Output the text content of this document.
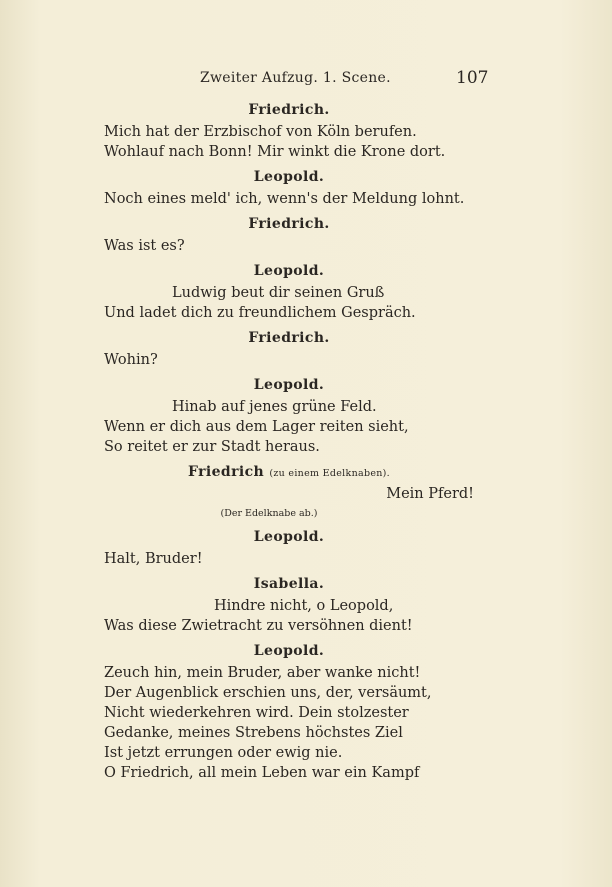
Zweiter Aufzug. 1. Scene.	107
Friedrich.
Mich hat der Erzbischof von Köln berufen.
Wohlauf nach Bonn! Mir winkt die Krone dort.
Leopold.
Noch eines meld' ich, wenn's der Meldung lohnt.
Friedrich.
Was ist es?
Leopold.
Ludwig beut dir seinen Gruß
Und ladet dich zu freundlichem Gespräch.
Friedrich.
Wohin?
Leopold.
Hinab auf jenes grüne Feld.
Wenn er dich aus dem Lager reiten sieht,
So reitet er zur Stadt heraus.
Friedrich (zu einem Edelknaben).
Mein Pferd!
(Der Edelknabe ab.)
Leopold.
Halt, Bruder!
Isabella.
Hindre nicht, o Leopold,
Was diese Zwietracht zu versöhnen dient!
Leopold.
Zeuch hin, mein Bruder, aber wanke nicht!
Der Augenblick erschien uns, der, versäumt,
Nicht wiederkehren wird. Dein stolzester
Gedanke, meines Strebens höchstes Ziel
Ist jetzt errungen oder ewig nie.
O Friedrich, all mein Leben war ein Kampf
